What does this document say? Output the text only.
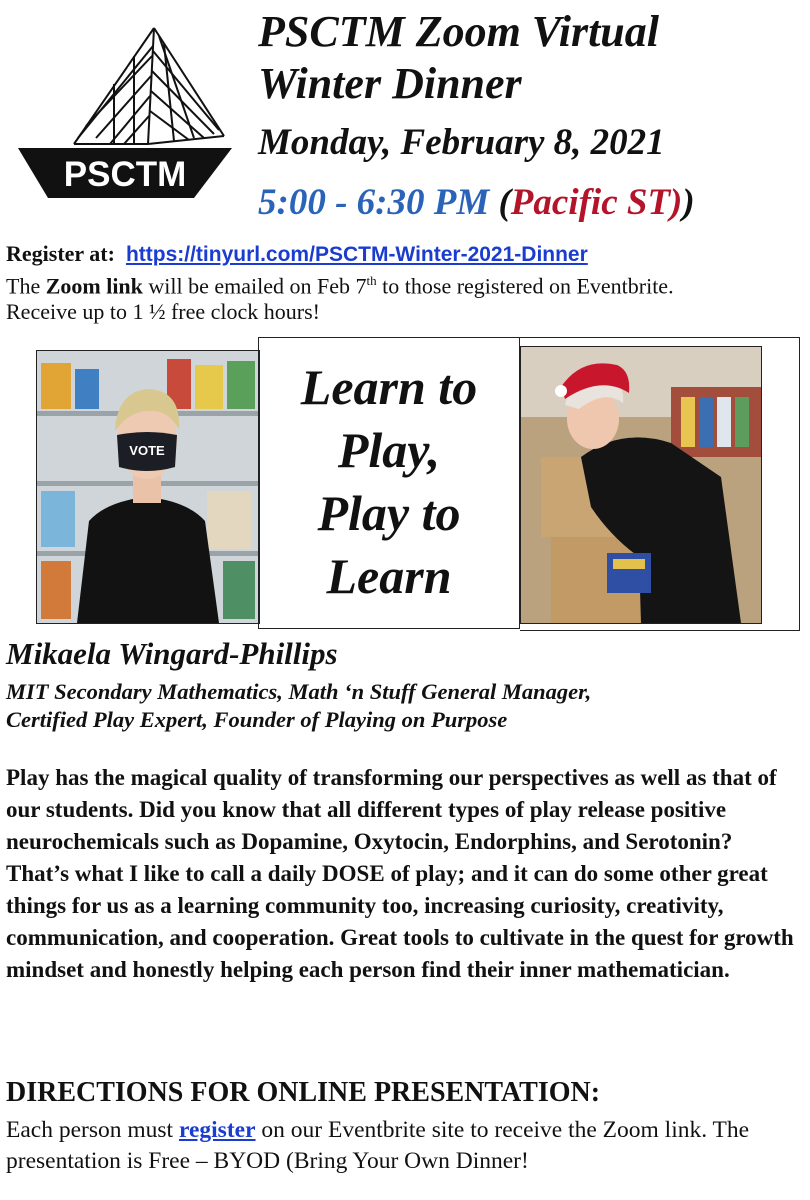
PSCTM
PSCTM Zoom Virtual
Winter Dinner
Monday, February 8, 2021
5:00 - 6:30 PM (Pacific ST))
Register at: https://tinyurl.com/PSCTM-Winter-2021-Dinner
The Zoom link will be emailed on Feb 7th to those registered on Eventbrite.
Receive up to 1 ½ free clock hours!
VOTE
Learn to
Play,
Play to
Learn
Mikaela Wingard-Phillips
MIT Secondary Mathematics, Math ‘n Stuff General Manager,
Certified Play Expert, Founder of Playing on Purpose
Play has the magical quality of transforming our perspectives as well as that of our students. Did you know that all different types of play release positive neurochemicals such as Dopamine, Oxytocin, Endorphins, and Serotonin? That’s what I like to call a daily DOSE of play; and it can do some other great things for us as a learning community too, increasing curiosity, creativity, communication, and cooperation. Great tools to cultivate in the quest for growth mindset and honestly helping each person find their inner mathematician.
DIRECTIONS FOR ONLINE PRESENTATION:
Each person must register on our Eventbrite site to receive the Zoom link. The presentation is Free – BYOD (Bring Your Own Dinner!
